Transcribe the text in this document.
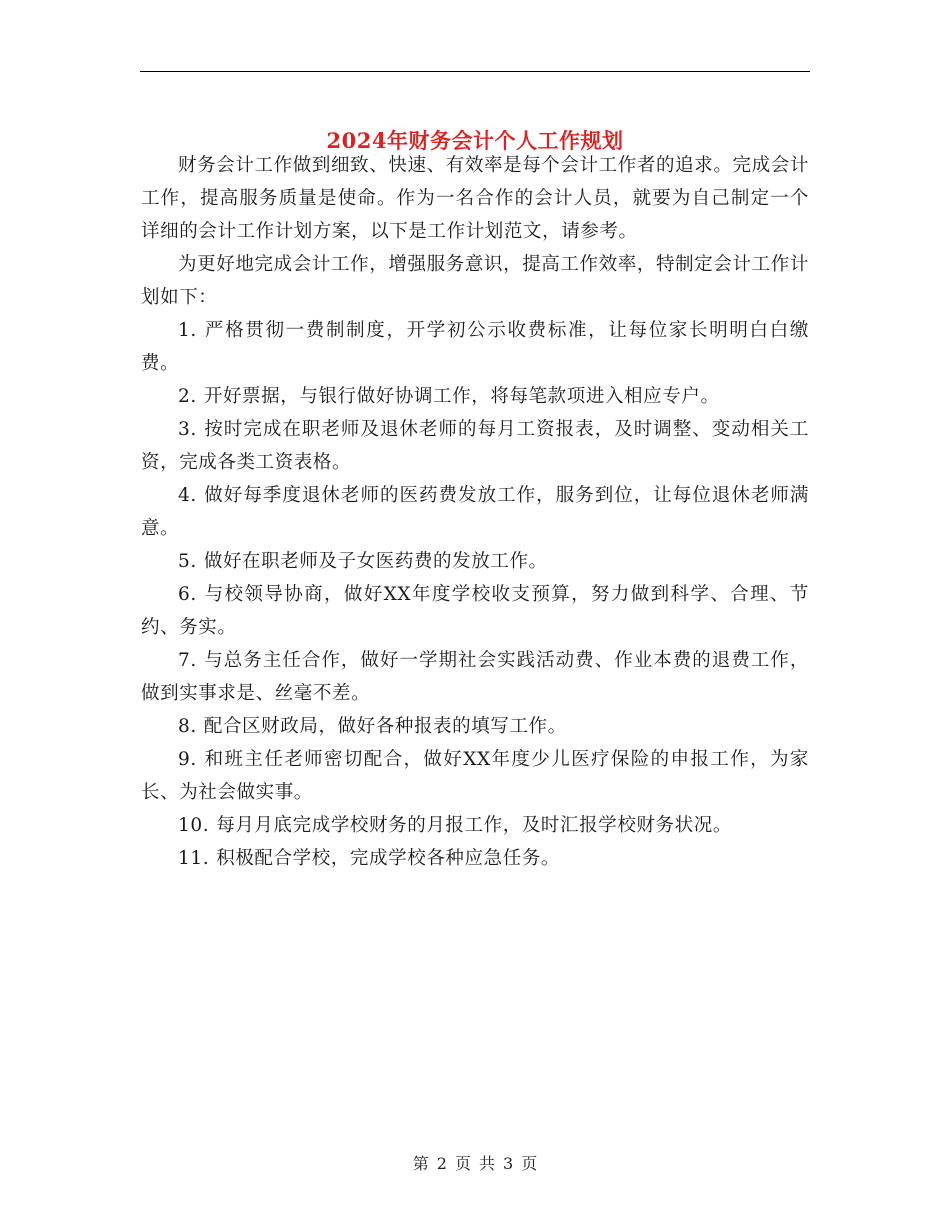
2024年财务会计个人工作规划

财务会计工作做到细致、快速、有效率是每个会计工作者的追求。完成会计工作，提高服务质量是使命。作为一名合作的会计人员，就要为自己制定一个详细的会计工作计划方案，以下是工作计划范文，请参考。

为更好地完成会计工作，增强服务意识，提高工作效率，特制定会计工作计划如下：

1. 严格贯彻一费制制度，开学初公示收费标准，让每位家长明明白白缴费。

2. 开好票据，与银行做好协调工作，将每笔款项进入相应专户。

3. 按时完成在职老师及退休老师的每月工资报表，及时调整、变动相关工资，完成各类工资表格。

4. 做好每季度退休老师的医药费发放工作，服务到位，让每位退休老师满意。

5. 做好在职老师及子女医药费的发放工作。

6. 与校领导协商，做好XX年度学校收支预算，努力做到科学、合理、节约、务实。

7. 与总务主任合作，做好一学期社会实践活动费、作业本费的退费工作，做到实事求是、丝毫不差。

8. 配合区财政局，做好各种报表的填写工作。

9. 和班主任老师密切配合，做好XX年度少儿医疗保险的申报工作，为家长、为社会做实事。

10. 每月月底完成学校财务的月报工作，及时汇报学校财务状况。

11. 积极配合学校，完成学校各种应急任务。

第 2 页 共 3 页
